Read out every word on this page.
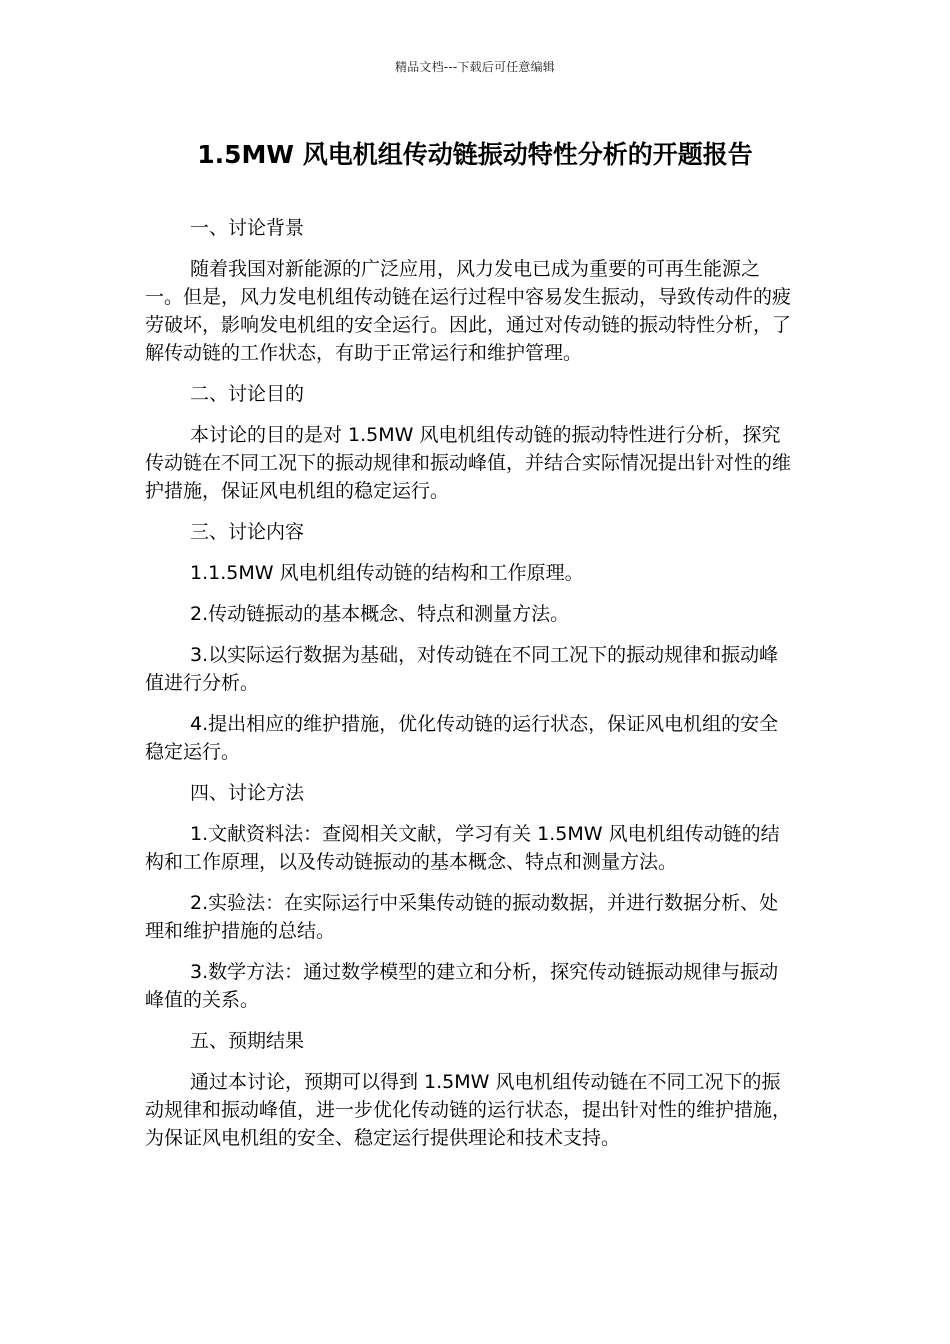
精品文档---下载后可任意编辑
1.5MW 风电机组传动链振动特性分析的开题报告

一、讨论背景

随着我国对新能源的广泛应用，风力发电已成为重要的可再生能源之一。但是，风力发电机组传动链在运行过程中容易发生振动，导致传动件的疲劳破坏，影响发电机组的安全运行。因此，通过对传动链的振动特性分析，了解传动链的工作状态，有助于正常运行和维护管理。

二、讨论目的

本讨论的目的是对 1.5MW 风电机组传动链的振动特性进行分析，探究传动链在不同工况下的振动规律和振动峰值，并结合实际情况提出针对性的维护措施，保证风电机组的稳定运行。

三、讨论内容

1.1.5MW 风电机组传动链的结构和工作原理。

2.传动链振动的基本概念、特点和测量方法。

3.以实际运行数据为基础，对传动链在不同工况下的振动规律和振动峰值进行分析。

4.提出相应的维护措施，优化传动链的运行状态，保证风电机组的安全稳定运行。

四、讨论方法

1.文献资料法：查阅相关文献，学习有关 1.5MW 风电机组传动链的结构和工作原理，以及传动链振动的基本概念、特点和测量方法。

2.实验法：在实际运行中采集传动链的振动数据，并进行数据分析、处理和维护措施的总结。

3.数学方法：通过数学模型的建立和分析，探究传动链振动规律与振动峰值的关系。

五、预期结果

通过本讨论，预期可以得到 1.5MW 风电机组传动链在不同工况下的振动规律和振动峰值，进一步优化传动链的运行状态，提出针对性的维护措施，为保证风电机组的安全、稳定运行提供理论和技术支持。
